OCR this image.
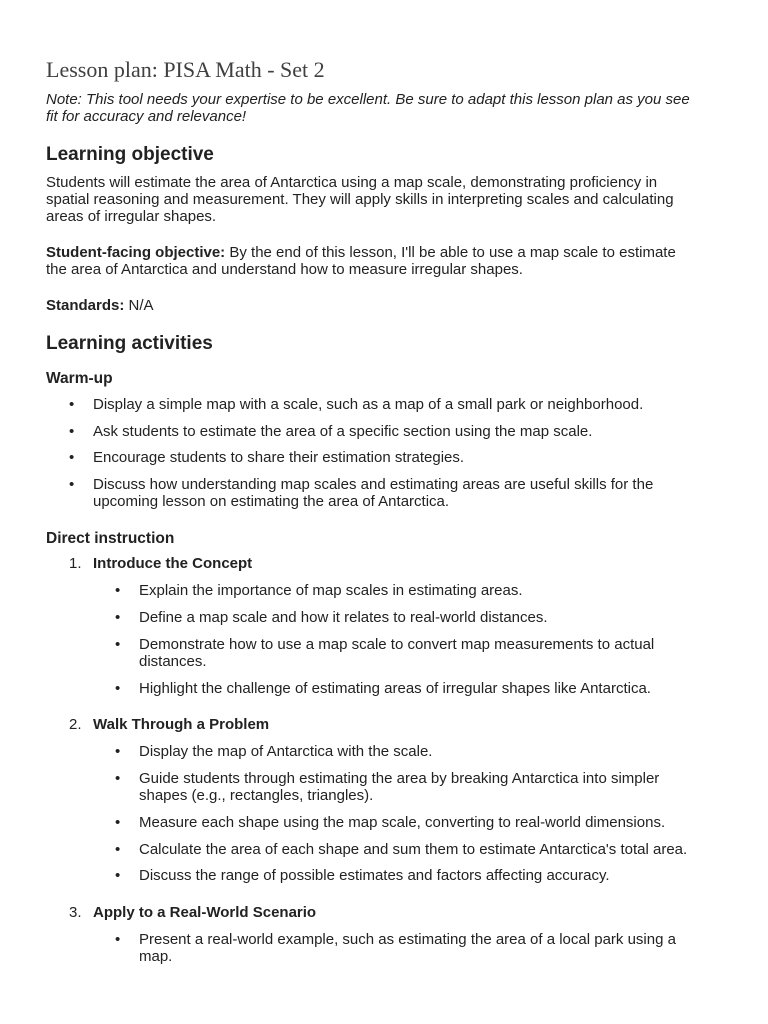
Lesson plan: PISA Math - Set 2
Note: This tool needs your expertise to be excellent. Be sure to adapt this lesson plan as you see
fit for accuracy and relevance!
Learning objective
Students will estimate the area of Antarctica using a map scale, demonstrating proficiency in
spatial reasoning and measurement. They will apply skills in interpreting scales and calculating
areas of irregular shapes.
Student-facing objective: By the end of this lesson, I'll be able to use a map scale to estimate
the area of Antarctica and understand how to measure irregular shapes.
Standards: N/A
Learning activities
Warm-up
• Display a simple map with a scale, such as a map of a small park or neighborhood.
• Ask students to estimate the area of a specific section using the map scale.
• Encourage students to share their estimation strategies.
• Discuss how understanding map scales and estimating areas are useful skills for the
upcoming lesson on estimating the area of Antarctica.
Direct instruction
1. Introduce the Concept
• Explain the importance of map scales in estimating areas.
• Define a map scale and how it relates to real-world distances.
• Demonstrate how to use a map scale to convert map measurements to actual
distances.
• Highlight the challenge of estimating areas of irregular shapes like Antarctica.
2. Walk Through a Problem
• Display the map of Antarctica with the scale.
• Guide students through estimating the area by breaking Antarctica into simpler
shapes (e.g., rectangles, triangles).
• Measure each shape using the map scale, converting to real-world dimensions.
• Calculate the area of each shape and sum them to estimate Antarctica's total area.
• Discuss the range of possible estimates and factors affecting accuracy.
3. Apply to a Real-World Scenario
• Present a real-world example, such as estimating the area of a local park using a
map.
